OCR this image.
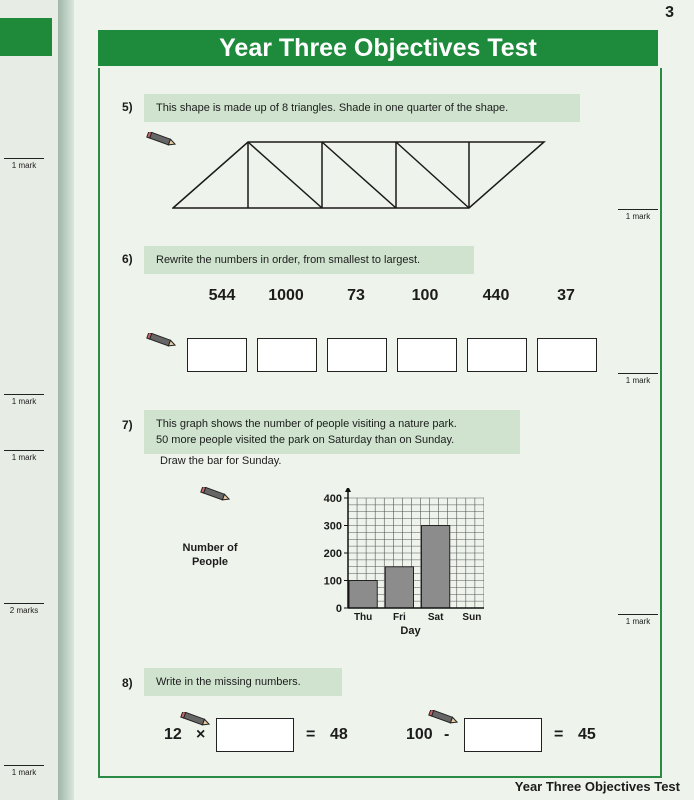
1 mark
1 mark
1 mark
2 marks
1 mark
3
Year Three Objectives Test
5)	This shape is made up of 8 triangles. Shade in one quarter of the shape.
1 mark
6)	Rewrite the numbers in order, from smallest to largest.
544	1000	73	100	440	37
1 mark
7) This graph shows the number of people visiting a nature park.
50 more people visited the park on Saturday than on Sunday.
Draw the bar for Sunday.
Number of People
Thu Fri Sat Sun
0
100
200
300
400
Day
1 mark
8)	Write in the missing numbers.
12 ×	= 48	100 -	= 45
Year Three Objectives Test
